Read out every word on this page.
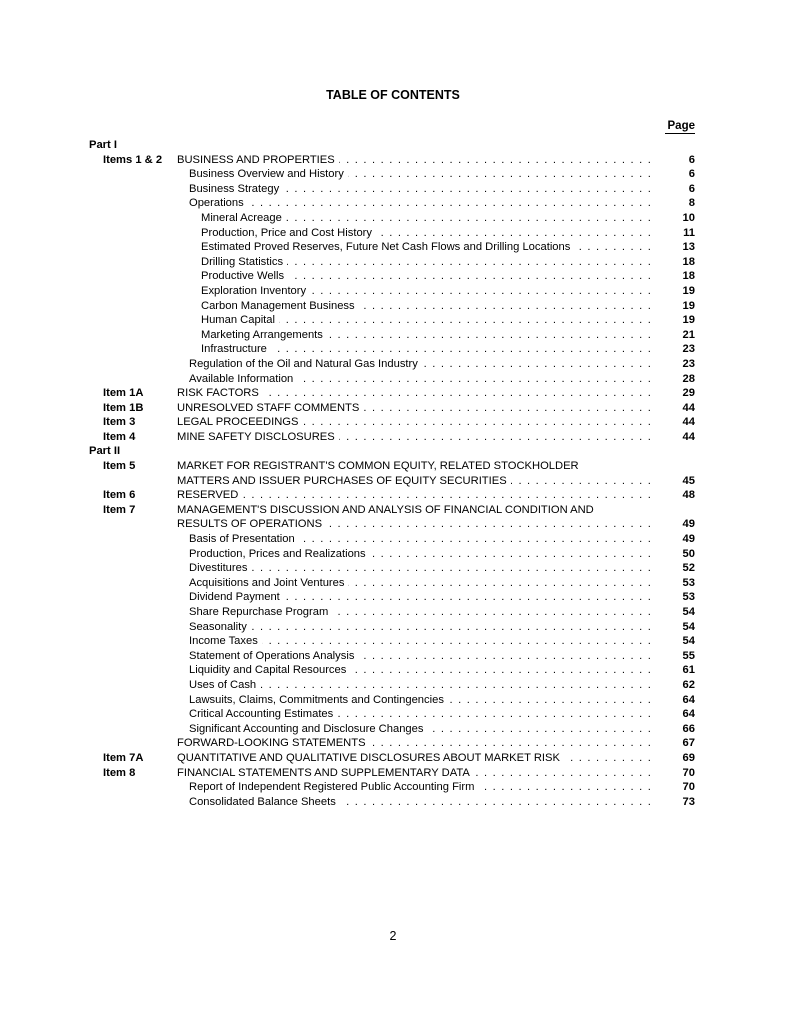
TABLE OF CONTENTS
Page
Part I
Items 1 & 2 . . . BUSINESS AND PROPERTIES	6
. . .
Business Overview and History	6
. . .
Business Strategy	6
. . .
Operations	8
. . .
Mineral Acreage	10
. . .
Production, Price and Cost History	11
. . .
Estimated Proved Reserves, Future Net Cash Flows and Drilling Locations	13
. . .
Drilling Statistics	18
. . .
Productive Wells	18
. . .
Exploration Inventory	19
. . .
Carbon Management Business	19
. . .
Human Capital	19
. . .
Marketing Arrangements	21
. . .
Infrastructure	23
. . .
Regulation of the Oil and Natural Gas Industry	23
. . .
Available Information	28
Item 1A . . .	RISK FACTORS	29
Item 1B . . .	UNRESOLVED STAFF COMMENTS	44
Item 3 . . .	LEGAL PROCEEDINGS	44
Item 4 . . .	MINE SAFETY DISCLOSURES	44
Part II
Item 5	MARKET FOR REGISTRANT'S COMMON EQUITY, RELATED STOCKHOLDER
. . .
MATTERS AND ISSUER PURCHASES OF EQUITY SECURITIES	45
Item 6 . . .	RESERVED	48
Item 7	MANAGEMENT'S DISCUSSION AND ANALYSIS OF FINANCIAL CONDITION AND
. . .
RESULTS OF OPERATIONS	49
. . .
Basis of Presentation	49
. . .
Production, Prices and Realizations	50
. . .
Divestitures	52
. . .
Acquisitions and Joint Ventures	53
. . .
Dividend Payment	53
. . .
Share Repurchase Program	54
. . .
Seasonality	54
. . .
Income Taxes	54
. . .
Statement of Operations Analysis	55
. . .
Liquidity and Capital Resources	61
. . .
Uses of Cash	62
. . .
Lawsuits, Claims, Commitments and Contingencies	64
. . .
Critical Accounting Estimates	64
. . .
Significant Accounting and Disclosure Changes	66
. . .
FORWARD-LOOKING STATEMENTS	67
Item 7A . . .	QUANTITATIVE AND QUALITATIVE DISCLOSURES ABOUT MARKET RISK	69
Item 8 . . .	FINANCIAL STATEMENTS AND SUPPLEMENTARY DATA	70
. . .
Report of Independent Registered Public Accounting Firm	70
. . .
Consolidated Balance Sheets	73
2
